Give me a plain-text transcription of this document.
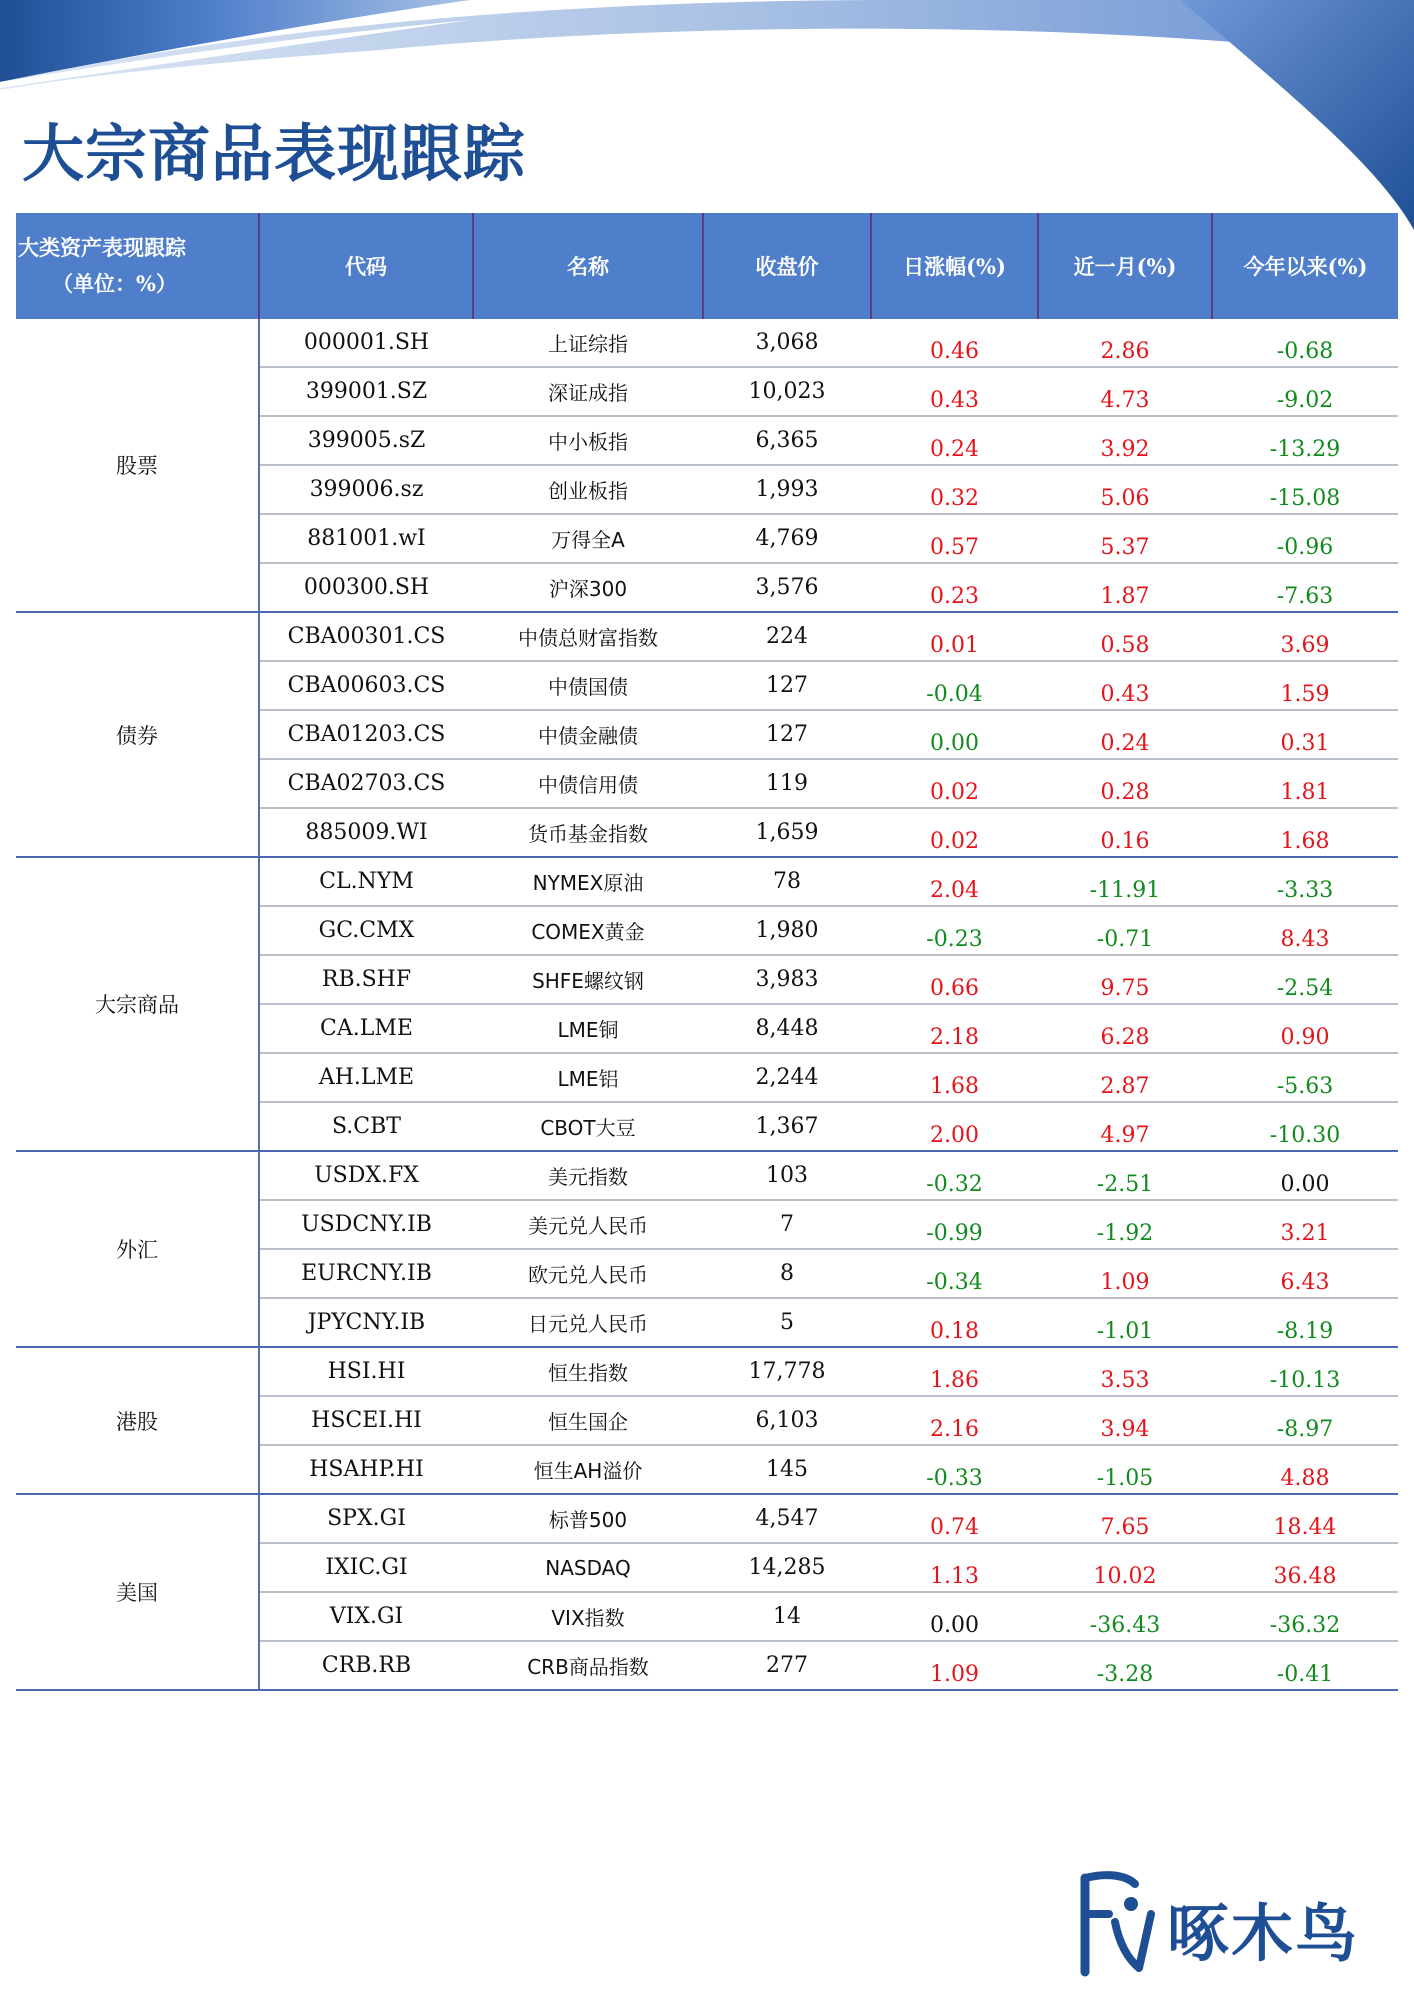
大宗商品表现跟踪
大类资产表现跟踪
（单位：%）	代码	名称	收盘价	日涨幅(%)	近一月(%)	今年以来(%)
股票	000001.SH	上证综指	3,068	0.46	2.86	-0.68
	399001.SZ	深证成指	10,023	0.43	4.73	-9.02
	399005.sZ	中小板指	6,365	0.24	3.92	-13.29
	399006.sz	创业板指	1,993	0.32	5.06	-15.08
	881001.wI	万得全A	4,769	0.57	5.37	-0.96
	000300.SH	沪深300	3,576	0.23	1.87	-7.63
债券	CBA00301.CS	中债总财富指数	224	0.01	0.58	3.69
	CBA00603.CS	中债国债	127	-0.04	0.43	1.59
	CBA01203.CS	中债金融债	127	0.00	0.24	0.31
	CBA02703.CS	中债信用债	119	0.02	0.28	1.81
	885009.WI	货币基金指数	1,659	0.02	0.16	1.68
大宗商品	CL.NYM	NYMEX原油	78	2.04	-11.91	-3.33
	GC.CMX	COMEX黄金	1,980	-0.23	-0.71	8.43
	RB.SHF	SHFE螺纹钢	3,983	0.66	9.75	-2.54
	CA.LME	LME铜	8,448	2.18	6.28	0.90
	AH.LME	LME铝	2,244	1.68	2.87	-5.63
	S.CBT	CBOT大豆	1,367	2.00	4.97	-10.30
外汇	USDX.FX	美元指数	103	-0.32	-2.51	0.00
	USDCNY.IB	美元兑人民币	7	-0.99	-1.92	3.21
	EURCNY.IB	欧元兑人民币	8	-0.34	1.09	6.43
	JPYCNY.IB	日元兑人民币	5	0.18	-1.01	-8.19
港股	HSI.HI	恒生指数	17,778	1.86	3.53	-10.13
	HSCEI.HI	恒生国企	6,103	2.16	3.94	-8.97
	HSAHP.HI	恒生AH溢价	145	-0.33	-1.05	4.88
美国	SPX.GI	标普500	4,547	0.74	7.65	18.44
	IXIC.GI	NASDAQ	14,285	1.13	10.02	36.48
	VIX.GI	VIX指数	14	0.00	-36.43	-36.32
	CRB.RB	CRB商品指数	277	1.09	-3.28	-0.41
啄木鸟
